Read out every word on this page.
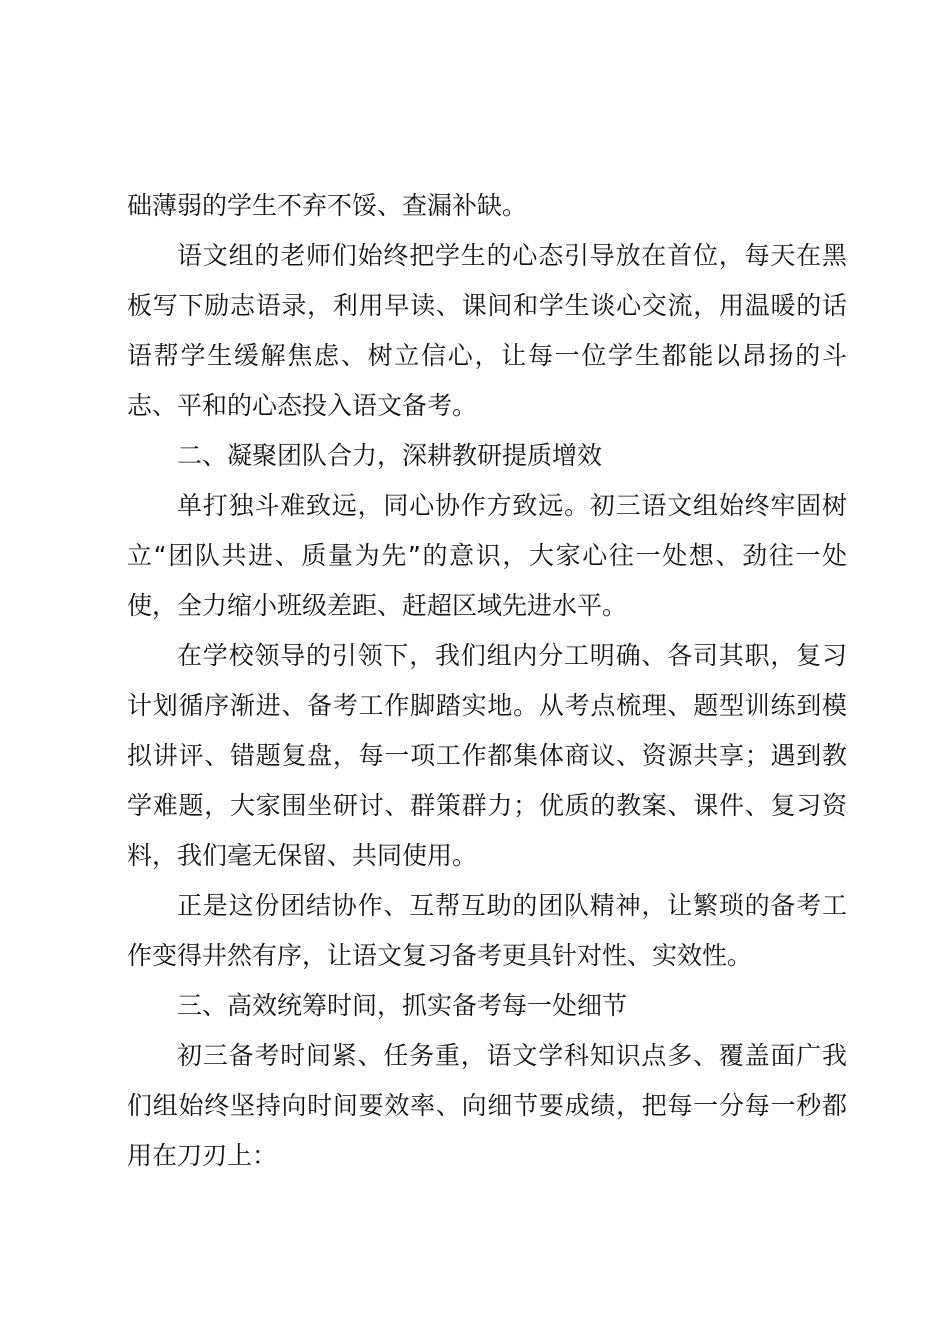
础薄弱的学生不弃不馁、查漏补缺。

语文组的老师们始终把学生的心态引导放在首位，每天在黑板写下励志语录，利用早读、课间和学生谈心交流，用温暖的话语帮学生缓解焦虑、树立信心，让每一位学生都能以昂扬的斗志、平和的心态投入语文备考。

二、凝聚团队合力，深耕教研提质增效

单打独斗难致远，同心协作方致远。初三语文组始终牢固树立“团队共进、质量为先”的意识，大家心往一处想、劲往一处使，全力缩小班级差距、赶超区域先进水平。

在学校领导的引领下，我们组内分工明确、各司其职，复习计划循序渐进、备考工作脚踏实地。从考点梳理、题型训练到模拟讲评、错题复盘，每一项工作都集体商议、资源共享；遇到教学难题，大家围坐研讨、群策群力；优质的教案、课件、复习资料，我们毫无保留、共同使用。

正是这份团结协作、互帮互助的团队精神，让繁琐的备考工作变得井然有序，让语文复习备考更具针对性、实效性。

三、高效统筹时间，抓实备考每一处细节

初三备考时间紧、任务重，语文学科知识点多、覆盖面广我们组始终坚持向时间要效率、向细节要成绩，把每一分每一秒都用在刀刃上：
